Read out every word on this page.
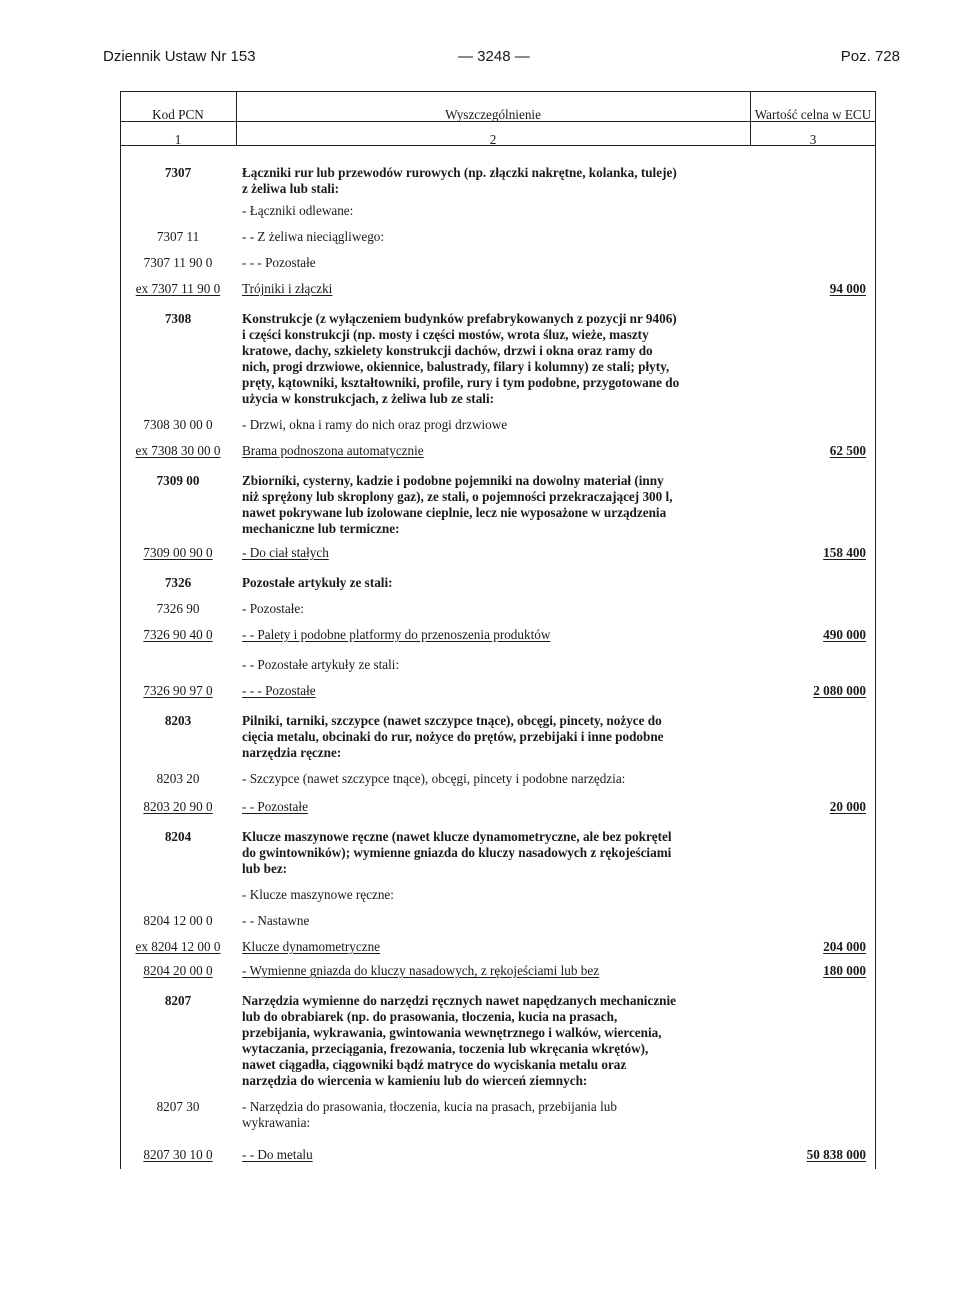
Dziennik Ustaw Nr 153	— 3248 —	Poz. 728
Kod PCN	Wyszczególnienie	Wartość celna w ECU
1	2	3
7307	Łączniki rur lub przewodów rurowych (np. złączki nakrętne, kolanka, tuleje)
z żeliwa lub stali:
- Łączniki odlewane:
7307 11	- - Z żeliwa nieciągliwego:
7307 11 90 0	- - - Pozostałe
ex 7307 11 90 0	Trójniki i złączki	94 000
7308	Konstrukcje (z wyłączeniem budynków prefabrykowanych z pozycji nr 9406)
i części konstrukcji (np. mosty i części mostów, wrota śluz, wieże, maszty
kratowe, dachy, szkielety konstrukcji dachów, drzwi i okna oraz ramy do
nich, progi drzwiowe, okiennice, balustrady, filary i kolumny) ze stali; płyty,
pręty, kątowniki, kształtowniki, profile, rury i tym podobne, przygotowane do
użycia w konstrukcjach, z żeliwa lub ze stali:
7308 30 00 0	- Drzwi, okna i ramy do nich oraz progi drzwiowe
ex 7308 30 00 0	Brama podnoszona automatycznie	62 500
7309 00	Zbiorniki, cysterny, kadzie i podobne pojemniki na dowolny materiał (inny
niż sprężony lub skroplony gaz), ze stali, o pojemności przekraczającej 300 l,
nawet pokrywane lub izolowane cieplnie, lecz nie wyposażone w urządzenia
mechaniczne lub termiczne:
7309 00 90 0	- Do ciał stałych	158 400
7326	Pozostałe artykuły ze stali:
7326 90	- Pozostałe:
7326 90 40 0	- - Palety i podobne platformy do przenoszenia produktów	490 000
- - Pozostałe artykuły ze stali:
7326 90 97 0	- - - Pozostałe	2 080 000
8203	Pilniki, tarniki, szczypce (nawet szczypce tnące), obcęgi, pincety, nożyce do
cięcia metalu, obcinaki do rur, nożyce do prętów, przebijaki i inne podobne
narzędzia ręczne:
8203 20	- Szczypce (nawet szczypce tnące), obcęgi, pincety i podobne narzędzia:
8203 20 90 0	- - Pozostałe	20 000
8204	Klucze maszynowe ręczne (nawet klucze dynamometryczne, ale bez pokrętel
do gwintowników); wymienne gniazda do kluczy nasadowych z rękojeściami
lub bez:
- Klucze maszynowe ręczne:
8204 12 00 0	- - Nastawne
ex 8204 12 00 0	Klucze dynamometryczne	204 000
8204 20 00 0	- Wymienne gniazda do kluczy nasadowych, z rękojeściami lub bez	180 000
8207	Narzędzia wymienne do narzędzi ręcznych nawet napędzanych mechanicznie
lub do obrabiarek (np. do prasowania, tłoczenia, kucia na prasach,
przebijania, wykrawania, gwintowania wewnętrznego i walków, wiercenia,
wytaczania, przeciągania, frezowania, toczenia lub wkręcania wkrętów),
nawet ciągadła, ciągowniki bądź matryce do wyciskania metalu oraz
narzędzia do wiercenia w kamieniu lub do wierceń ziemnych:
8207 30	- Narzędzia do prasowania, tłoczenia, kucia na prasach, przebijania lub
wykrawania:
8207 30 10 0	- - Do metalu	50 838 000
